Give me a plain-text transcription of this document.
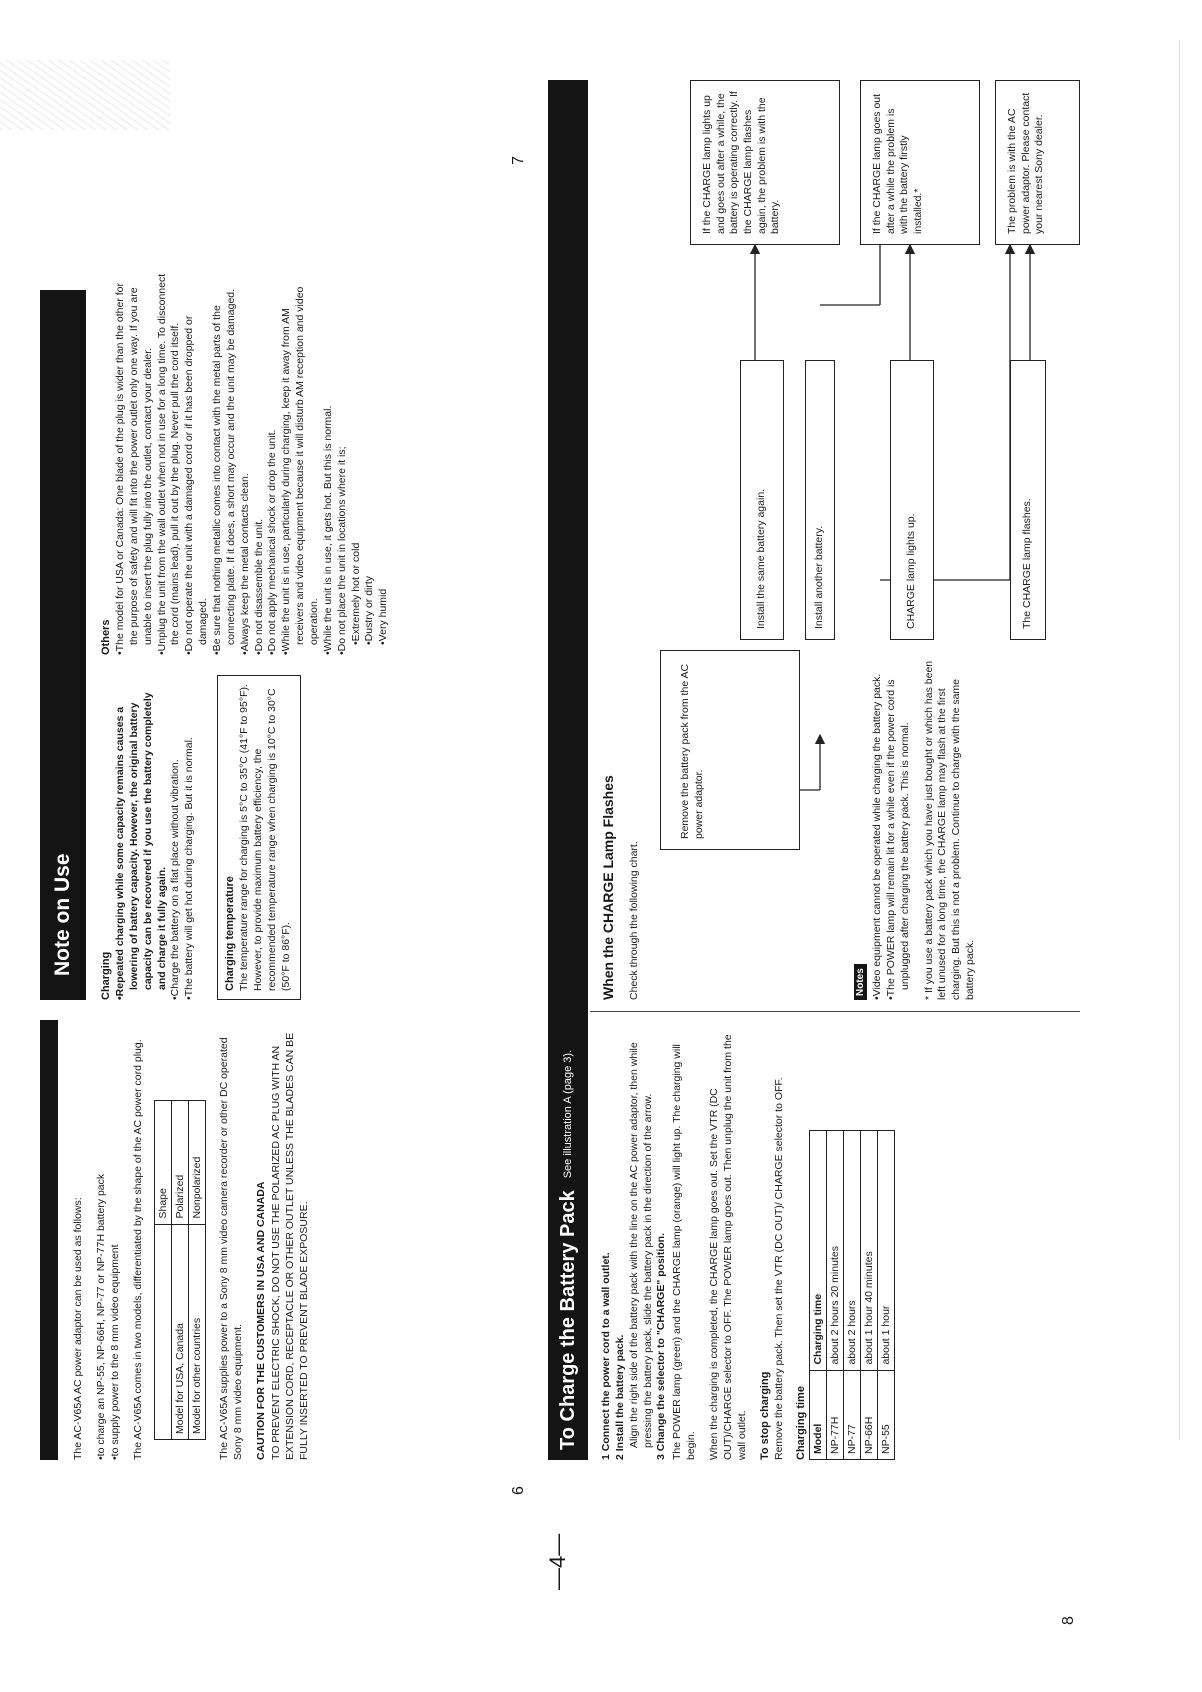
The AC-V65A AC power adaptor can be used as follows: • to charge an NP-55, NP-66H, NP-77 or NP-77H battery pack • to supply power to the 8 mm video equipment The AC-V65A comes in two models, differentiated by the shape of the AC power cord plug.

	Shape
Model for USA, Canada	Polarized
Model for other countries	Nonpolarized The AC-V65A supplies power to a Sony 8 mm video camera recorder or other DC operated Sony 8 mm video equipment. CAUTION FOR THE CUSTOMERS IN USA AND CANADA TO PREVENT ELECTRIC SHOCK, DO NOT USE THE POLARIZED AC PLUG WITH AN EXTENSION CORD, RECEPTACLE OR OTHER OUTLET UNLESS THE BLADES CAN BE FULLY INSERTED TO PREVENT BLADE EXPOSURE.

Note on Use Charging • Repeated charging while some capacity remains causes a lowering of battery capacity. However, the original battery capacity can be recovered if you use the battery completely and charge it fully again. • Charge the battery on a flat place without vibration. • The battery will get hot during charging. But it is normal.	Charging temperature The temperature range for charging is 5°C to 35°C (41°F to 95°F). However, to provide maximum battery efficiency, the recommended temperature range when charging is 10°C to 30°C (50°F to 86°F).

Others • The model for USA or Canada: One blade of the plug is wider than the other for the purpose of safety and will fit into the power outlet only one way. If you are unable to insert the plug fully into the outlet, contact your dealer. • Unplug the unit from the wall outlet when not in use for a long time. To disconnect the cord (mains lead), pull it out by the plug. Never pull the cord itself. • Do not operate the unit with a damaged cord or if it has been dropped or damaged. • Be sure that nothing metallic comes into contact with the metal parts of the connecting plate. If it does, a short may occur and the unit may be damaged. • Always keep the metal contacts clean. • Do not disassemble the unit. • Do not apply mechanical shock or drop the unit. • While the unit is in use, particularly during charging, keep it away from AM receivers and video equipment because it will disturb AM reception and video operation. • While the unit is in use, it gets hot. But this is normal. • Do not place the unit in locations where it is; • Extremely hot or cold • Dustry or dirty • Very humid
6
7
—4—
8
To Charge the Battery Pack
See illustration A (page 3).
1 Connect the power cord to a wall outlet.
2 Install the battery pack. Align the right side of the battery pack with the line on the AC power adaptor, then while pressing the battery pack, slide the battery pack in the direction of the arrow.

3 Change the selector to "CHARGE" position. The POWER lamp (green) and the CHARGE lamp (orange) will light up. The charging will begin. When the charging is completed, the CHARGE lamp goes out. Set the VTR (DC OUT)/CHARGE selector to OFF. The POWER lamp goes out. Then unplug the unit from the wall outlet. To stop charging Remove the battery pack. Then set the VTR (DC OUT)/ CHARGE selector to OFF. Charging time Model	Charging time
NP-77H	about 2 hours 20 minutes
NP-77	about 2 hours
NP-66H	about 1 hour 40 minutes
NP-55	about 1 hour
When the CHARGE Lamp Flashes Check through the following chart.
Remove the battery pack from the AC power adaptor.
Install the same battery again.	Install another battery.	CHARGE lamp lights up.	The CHARGE lamp flashes.
If the CHARGE lamp lights up and goes out after a while, the battery is operating correctly. If the CHARGE lamp flashes again, the problem is with the battery.	If the CHARGE lamp goes out after a while the problem is with the battery firstly installed.*	The problem is with the AC power adaptor. Please contact your nearest Sony dealer.
Notes • Video equipment cannot be operated while charging the battery pack. • The POWER lamp will remain lit for a while even if the power cord is unplugged after charging the battery pack. This is normal. * If you use a battery pack which you have just bought or which has been left unused for a long time, the CHARGE lamp may flash at the first charging. But this is not a problem. Continue to charge with the same battery pack.
